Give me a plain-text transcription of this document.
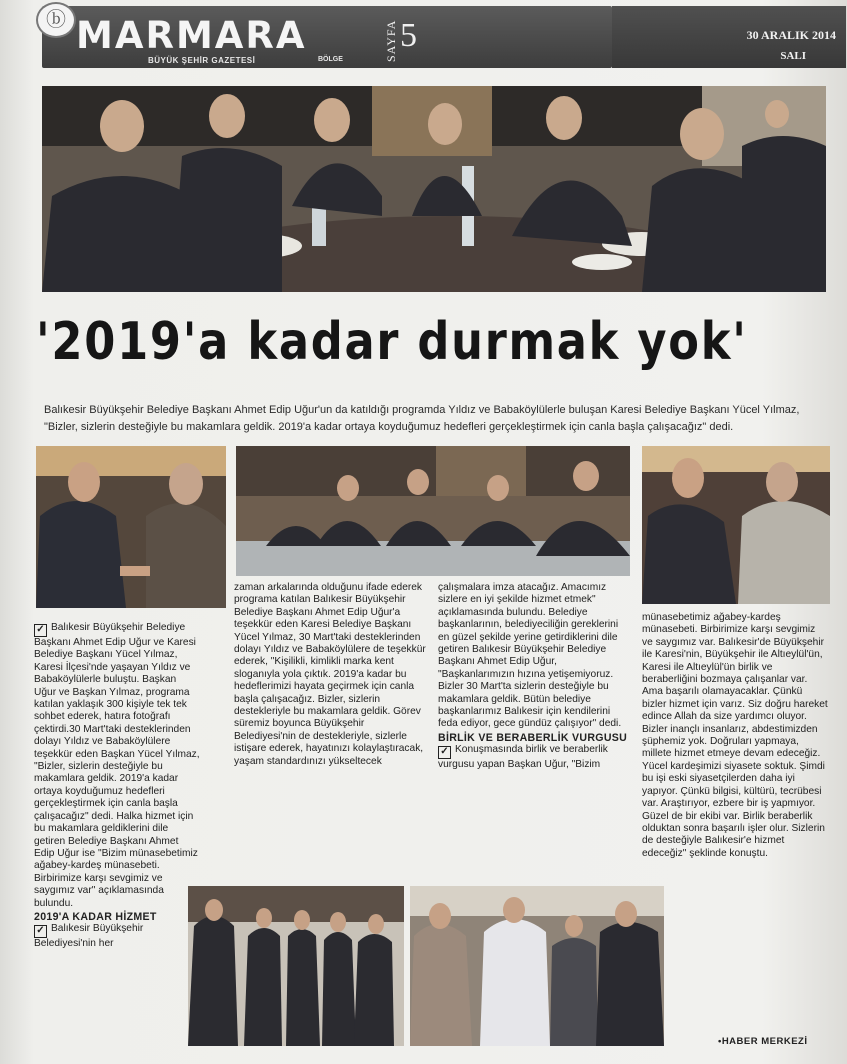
MARMARA
BÜYÜK ŞEHİR GAZETESİ	BÖLGE	SAYFA 5
ⓑ
30 ARALIK 2014
SALI
'2019'a kadar durmak yok'
Balıkesir Büyükşehir Belediye Başkanı Ahmet Edip Uğur'un da katıldığı programda Yıldız ve Babaköylülerle buluşan Karesi Belediye Başkanı Yücel Yılmaz, "Bizler, sizlerin desteğiyle bu makamlara geldik. 2019'a kadar ortaya koyduğumuz hedefleri gerçekleştirmek için canla başla çalışacağız" dedi.

✓ Balıkesir Büyükşehir Belediye Başkanı Ahmet Edip Uğur ve Karesi Belediye Başkanı Yücel Yılmaz, Karesi İlçesi'nde yaşayan Yıldız ve Babaköylülerle buluştu. Başkan Uğur ve Başkan Yılmaz, programa katılan yaklaşık 300 kişiyle tek tek sohbet ederek, hatıra fotoğrafı çektirdi.30 Mart'taki desteklerinden dolayı Yıldız ve Babaköylülere teşekkür eden Başkan Yücel Yılmaz, "Bizler, sizlerin desteğiyle bu makamlara geldik. 2019'a kadar ortaya koyduğumuz hedefleri gerçekleştirmek için canla başla çalışacağız" dedi. Halka hizmet için bu makamlara geldiklerini dile getiren Belediye Başkanı Ahmet Edip Uğur ise "Bizim münasebetimiz ağabey-kardeş münasebeti. Birbirimize karşı sevgimiz ve saygımız var" açıklamasında bulundu.

2019'A KADAR HİZMET

✓ Balıkesir Büyükşehir Belediyesi'nin her

zaman arkalarında olduğunu ifade ederek programa katılan Balıkesir Büyükşehir Belediye Başkanı Ahmet Edip Uğur'a teşekkür eden Karesi Belediye Başkanı Yücel Yılmaz, 30 Mart'taki desteklerinden dolayı Yıldız ve Babaköylülere de teşekkür ederek, "Kişilikli, kimlikli marka kent sloganıyla yola çıktık. 2019'a kadar bu hedeflerimizi hayata geçirmek için canla başla çalışacağız. Bizler, sizlerin destekleriyle bu makamlara geldik. Görev süremiz boyunca Büyükşehir Belediyesi'nin de destekleriyle, sizlerle istişare ederek, hayatınızı kolaylaştıracak, yaşam standardınızı yükseltecek

çalışmalara imza atacağız. Amacımız sizlere en iyi şekilde hizmet etmek" açıklamasında bulundu. Belediye başkanlarının, belediyeciliğin gereklerini en güzel şekilde yerine getirdiklerini dile getiren Balıkesir Büyükşehir Belediye Başkanı Ahmet Edip Uğur, "Başkanlarımızın hızına yetişemiyoruz. Bizler 30 Mart'ta sizlerin desteğiyle bu makamlara geldik. Bütün belediye başkanlarımız Balıkesir için kendilerini feda ediyor, gece gündüz çalışıyor" dedi.

BİRLİK VE BERABERLİK VURGUSU

✓ Konuşmasında birlik ve beraberlik vurgusu yapan Başkan Uğur, "Bizim

münasebetimiz ağabey-kardeş münasebeti. Birbirimize karşı sevgimiz ve saygımız var. Balıkesir'de Büyükşehir ile Karesi'nin, Büyükşehir ile Altıeylül'ün, Karesi ile Altıeylül'ün birlik ve beraberliğini bozmaya çalışanlar var. Ama başarılı olamayacaklar. Çünkü bizler hizmet için varız. Siz doğru hareket edince Allah da size yardımcı oluyor. Bizler inançlı insanlarız, abdestimizden şüphemiz yok. Doğruları yapmaya, millete hizmet etmeye devam edeceğiz. Yücel kardeşimizi siyasete soktuk. Şimdi bu işi eski siyasetçilerden daha iyi yapıyor. Çünkü bilgisi, kültürü, tecrübesi var. Araştırıyor, ezbere bir iş yapmıyor. Güzel de bir ekibi var. Birlik beraberlik olduktan sonra başarılı işler olur. Sizlerin de desteğiyle Balıkesir'e hizmet edeceğiz" şeklinde konuştu.

•HABER MERKEZİ
